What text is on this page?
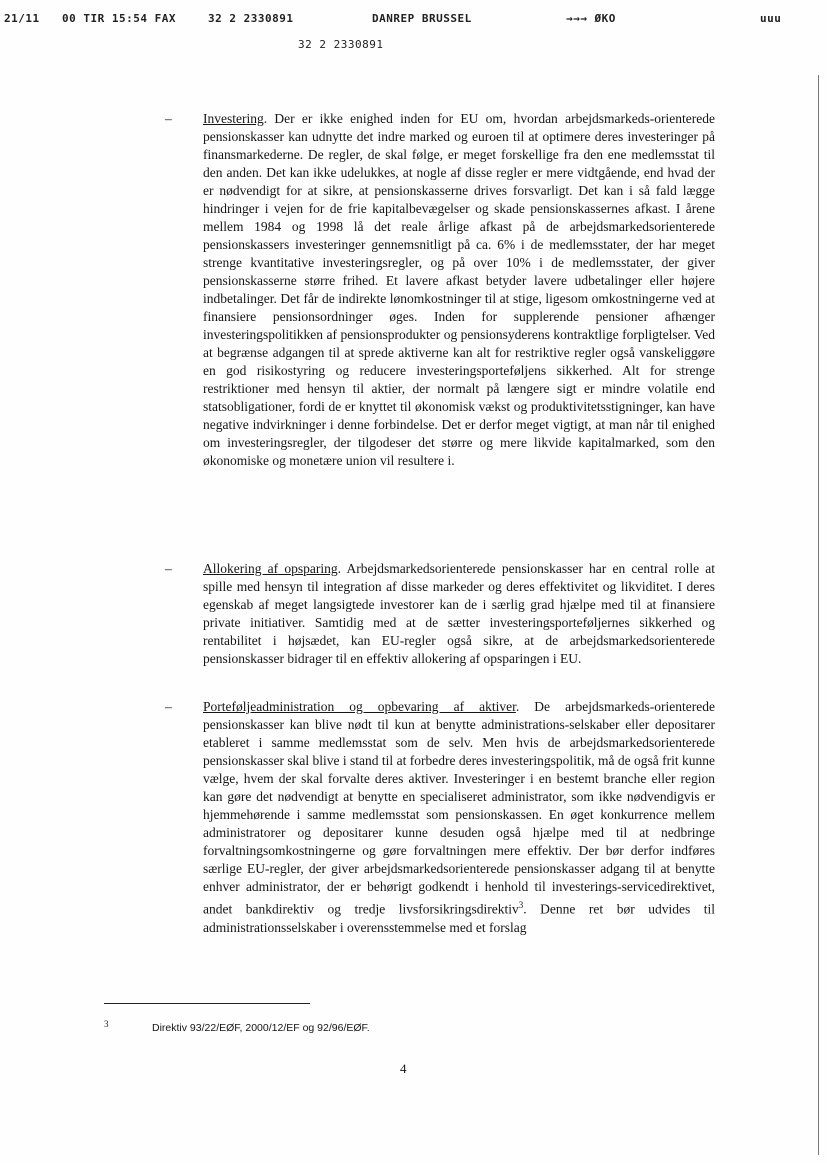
21/11 00 TIR 15:54 FAX	32 2 2330891	DANREP BRUSSEL	→→→ ØKO	uuu
32 2 2330891
– Investering. Der er ikke enighed inden for EU om, hvordan arbejdsmarkeds-orienterede pensionskasser kan udnytte det indre marked og euroen til at optimere deres investeringer på finansmarkederne. De regler, de skal følge, er meget forskellige fra den ene medlemsstat til den anden. Det kan ikke udelukkes, at nogle af disse regler er mere vidtgående, end hvad der er nødvendigt for at sikre, at pensionskasserne drives forsvarligt. Det kan i så fald lægge hindringer i vejen for de frie kapitalbevægelser og skade pensionskassernes afkast. I årene mellem 1984 og 1998 lå det reale årlige afkast på de arbejdsmarkedsorienterede pensionskassers investeringer gennemsnitligt på ca. 6% i de medlemsstater, der har meget strenge kvantitative investeringsregler, og på over 10% i de medlemsstater, der giver pensionskasserne større frihed. Et lavere afkast betyder lavere udbetalinger eller højere indbetalinger. Det får de indirekte lønomkostninger til at stige, ligesom omkostningerne ved at finansiere pensionsordninger øges. Inden for supplerende pensioner afhænger investeringspolitikken af pensionsprodukter og pensionsyderens kontraktlige forpligtelser. Ved at begrænse adgangen til at sprede aktiverne kan alt for restriktive regler også vanskeliggøre en god risikostyring og reducere investeringsporteføljens sikkerhed. Alt for strenge restriktioner med hensyn til aktier, der normalt på længere sigt er mindre volatile end statsobligationer, fordi de er knyttet til økonomisk vækst og produktivitetsstigninger, kan have negative indvirkninger i denne forbindelse. Det er derfor meget vigtigt, at man når til enighed om investeringsregler, der tilgodeser det større og mere likvide kapitalmarked, som den økonomiske og monetære union vil resultere i.
– Allokering af opsparing. Arbejdsmarkedsorienterede pensionskasser har en central rolle at spille med hensyn til integration af disse markeder og deres effektivitet og likviditet. I deres egenskab af meget langsigtede investorer kan de i særlig grad hjælpe med til at finansiere private initiativer. Samtidig med at de sætter investeringsporteføljernes sikkerhed og rentabilitet i højsædet, kan EU-regler også sikre, at de arbejdsmarkedsorienterede pensionskasser bidrager til en effektiv allokering af opsparingen i EU.
– Porteføljeadministration og opbevaring af aktiver. De arbejdsmarkeds-orienterede pensionskasser kan blive nødt til kun at benytte administrations-selskaber eller depositarer etableret i samme medlemsstat som de selv. Men hvis de arbejdsmarkedsorienterede pensionskasser skal blive i stand til at forbedre deres investeringspolitik, må de også frit kunne vælge, hvem der skal forvalte deres aktiver. Investeringer i en bestemt branche eller region kan gøre det nødvendigt at benytte en specialiseret administrator, som ikke nødvendigvis er hjemmehørende i samme medlemsstat som pensionskassen. En øget konkurrence mellem administratorer og depositarer kunne desuden også hjælpe med til at nedbringe forvaltningsomkostningerne og gøre forvaltningen mere effektiv. Der bør derfor indføres særlige EU-regler, der giver arbejdsmarkedsorienterede pensionskasser adgang til at benytte enhver administrator, der er behørigt godkendt i henhold til investerings-servicedirektivet, andet bankdirektiv og tredje livsforsikringsdirektiv$^3$. Denne ret bør udvides til administrationsselskaber i overensstemmelse med et forslag
3	Direktiv 93/22/EØF, 2000/12/EF og 92/96/EØF.
4
